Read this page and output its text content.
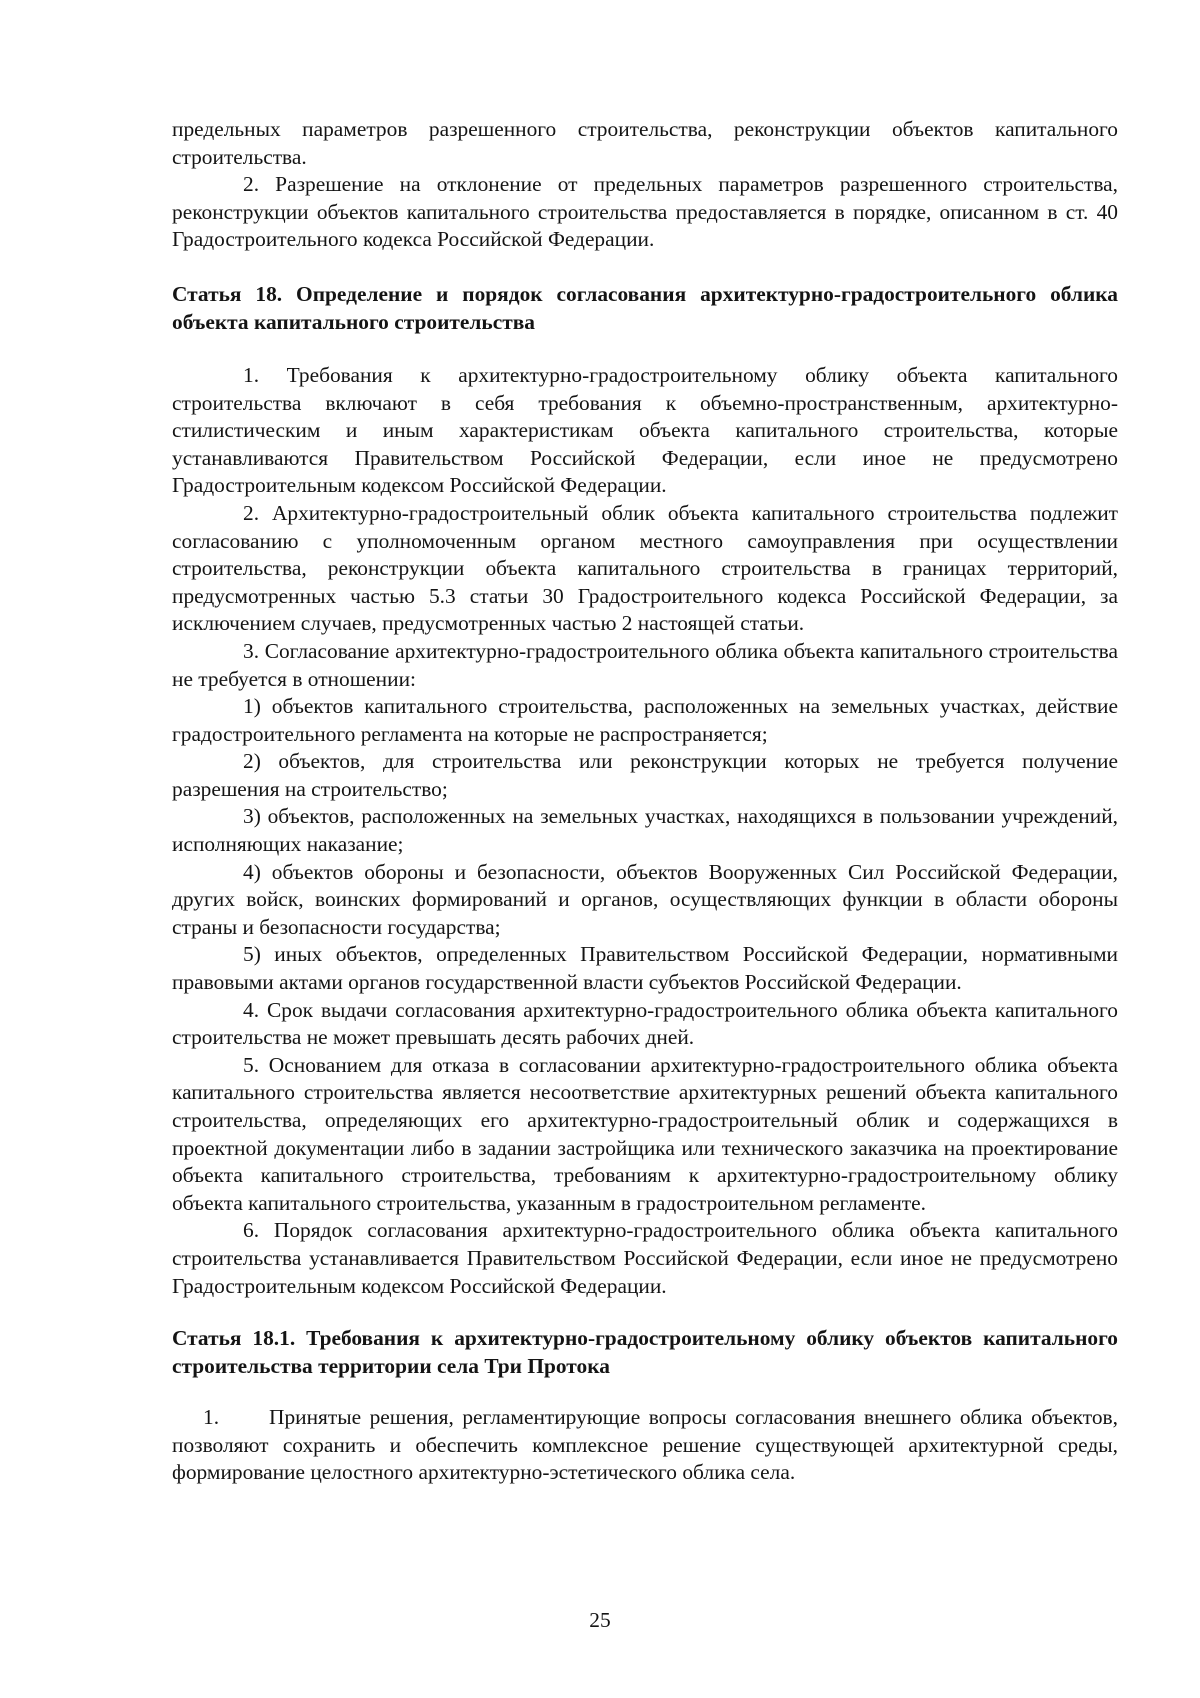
предельных параметров разрешенного строительства, реконструкции объектов капитального строительства.

2. Разрешение на отклонение от предельных параметров разрешенного строительства, реконструкции объектов капитального строительства предоставляется в порядке, описанном в ст. 40 Градостроительного кодекса Российской Федерации.

Статья 18. Определение и порядок согласования архитектурно-градостроительного облика объекта капитального строительства

1. Требования к архитектурно-градостроительному облику объекта капитального строительства включают в себя требования к объемно-пространственным, архитектурно-стилистическим и иным характеристикам объекта капитального строительства, которые устанавливаются Правительством Российской Федерации, если иное не предусмотрено Градостроительным кодексом Российской Федерации.

2. Архитектурно-градостроительный облик объекта капитального строительства подлежит согласованию с уполномоченным органом местного самоуправления при осуществлении строительства, реконструкции объекта капитального строительства в границах территорий, предусмотренных частью 5.3 статьи 30 Градостроительного кодекса Российской Федерации, за исключением случаев, предусмотренных частью 2 настоящей статьи.

3. Согласование архитектурно-градостроительного облика объекта капитального строительства не требуется в отношении:

1) объектов капитального строительства, расположенных на земельных участках, действие градостроительного регламента на которые не распространяется;

2) объектов, для строительства или реконструкции которых не требуется получение разрешения на строительство;

3) объектов, расположенных на земельных участках, находящихся в пользовании учреждений, исполняющих наказание;

4) объектов обороны и безопасности, объектов Вооруженных Сил Российской Федерации, других войск, воинских формирований и органов, осуществляющих функции в области обороны страны и безопасности государства;

5) иных объектов, определенных Правительством Российской Федерации, нормативными правовыми актами органов государственной власти субъектов Российской Федерации.

4. Срок выдачи согласования архитектурно-градостроительного облика объекта капитального строительства не может превышать десять рабочих дней.

5. Основанием для отказа в согласовании архитектурно-градостроительного облика объекта капитального строительства является несоответствие архитектурных решений объекта капитального строительства, определяющих его архитектурно-градостроительный облик и содержащихся в проектной документации либо в задании застройщика или технического заказчика на проектирование объекта капитального строительства, требованиям к архитектурно-градостроительному облику объекта капитального строительства, указанным в градостроительном регламенте.

6. Порядок согласования архитектурно-градостроительного облика объекта капитального строительства устанавливается Правительством Российской Федерации, если иное не предусмотрено Градостроительным кодексом Российской Федерации.

Статья 18.1. Требования к архитектурно-градостроительному облику объектов капитального строительства территории села Три Протока

1. Принятые решения, регламентирующие вопросы согласования внешнего облика объектов, позволяют сохранить и обеспечить комплексное решение существующей архитектурной среды, формирование целостного архитектурно-эстетического облика села.

25
